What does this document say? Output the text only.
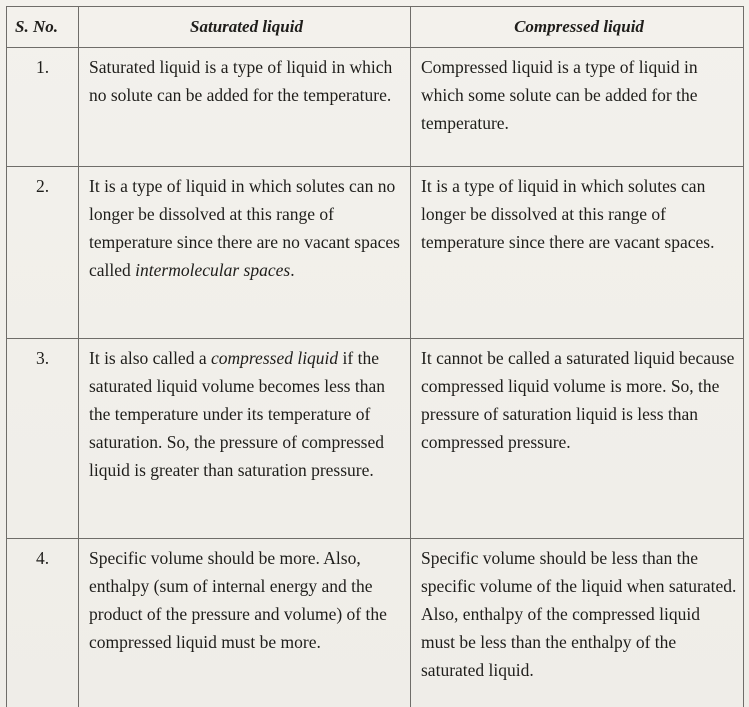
S. No.	Saturated liquid	Compressed liquid
1.	Saturated liquid is a type of liquid in which no solute can be added for the temperature.	Compressed liquid is a type of liquid in which some solute can be added for the temperature.
2.	It is a type of liquid in which solutes can no longer be dissolved at this range of temperature since there are no vacant spaces called intermolecular spaces.	It is a type of liquid in which solutes can longer be dissolved at this range of temperature since there are vacant spaces.
3.	It is also called a compressed liquid if the saturated liquid volume becomes less than the temperature under its temperature of saturation. So, the pressure of compressed liquid is greater than saturation pressure.	It cannot be called a saturated liquid because compressed liquid volume is more. So, the pressure of saturation liquid is less than compressed pressure.
4.	Specific volume should be more. Also, enthalpy (sum of internal energy and the product of the pressure and volume) of the compressed liquid must be more.	Specific volume should be less than the specific volume of the liquid when saturated. Also, enthalpy of the compressed liquid must be less than the enthalpy of the saturated liquid.
